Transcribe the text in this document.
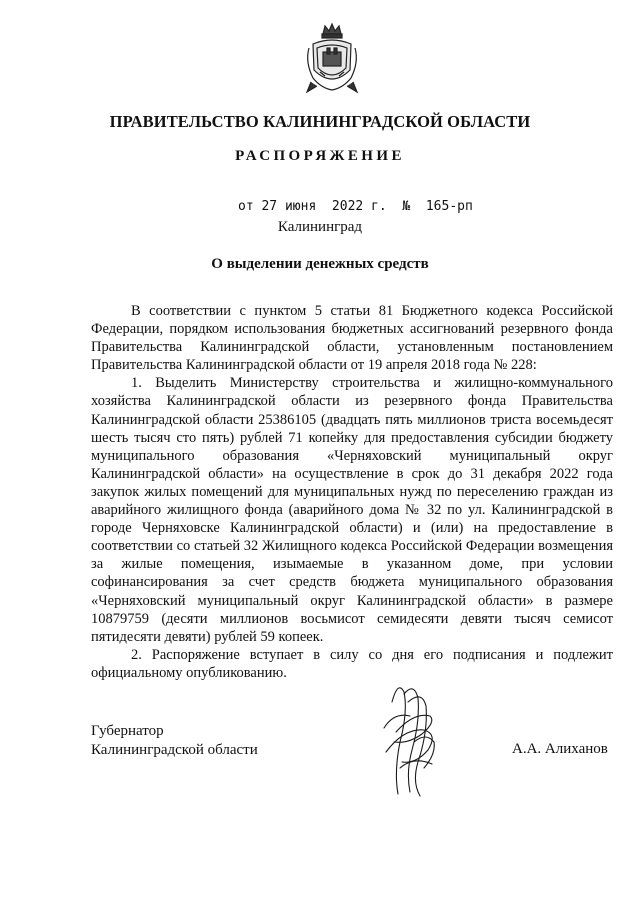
ПРАВИТЕЛЬСТВО КАЛИНИНГРАДСКОЙ ОБЛАСТИ
РАСПОРЯЖЕНИЕ
от 27 июня  2022 г.  №  165-рп
Калининград
О выделении денежных средств

В соответствии с пунктом 5 статьи 81 Бюджетного кодекса Российской Федерации, порядком использования бюджетных ассигнований резервного фонда Правительства Калининградской области, установленным постановлением Правительства Калининградской области от 19 апреля 2018 года № 228:

1. Выделить Министерству строительства и жилищно-коммунального хозяйства Калининградской области из резервного фонда Правительства Калининградской области 25386105 (двадцать пять миллионов триста восемьдесят шесть тысяч сто пять) рублей 71 копейку для предоставления субсидии бюджету муниципального образования «Черняховский муниципальный округ Калининградской области» на осуществление в срок до 31 декабря 2022 года закупок жилых помещений для муниципальных нужд по переселению граждан из аварийного жилищного фонда (аварийного дома № 32 по ул. Калининградской в городе Черняховске Калининградской области) и (или) на предоставление в соответствии со статьей 32 Жилищного кодекса Российской Федерации возмещения за жилые помещения, изымаемые в указанном доме, при условии софинансирования за счет средств бюджета муниципального образования «Черняховский муниципальный округ Калининградской области» в размере 10879759 (десяти миллионов восьмисот семидесяти девяти тысяч семисот пятидесяти девяти) рублей 59 копеек.

2. Распоряжение вступает в силу со дня его подписания и подлежит официальному опубликованию.

Губернатор
Калининградской области	А.А. Алиханов
